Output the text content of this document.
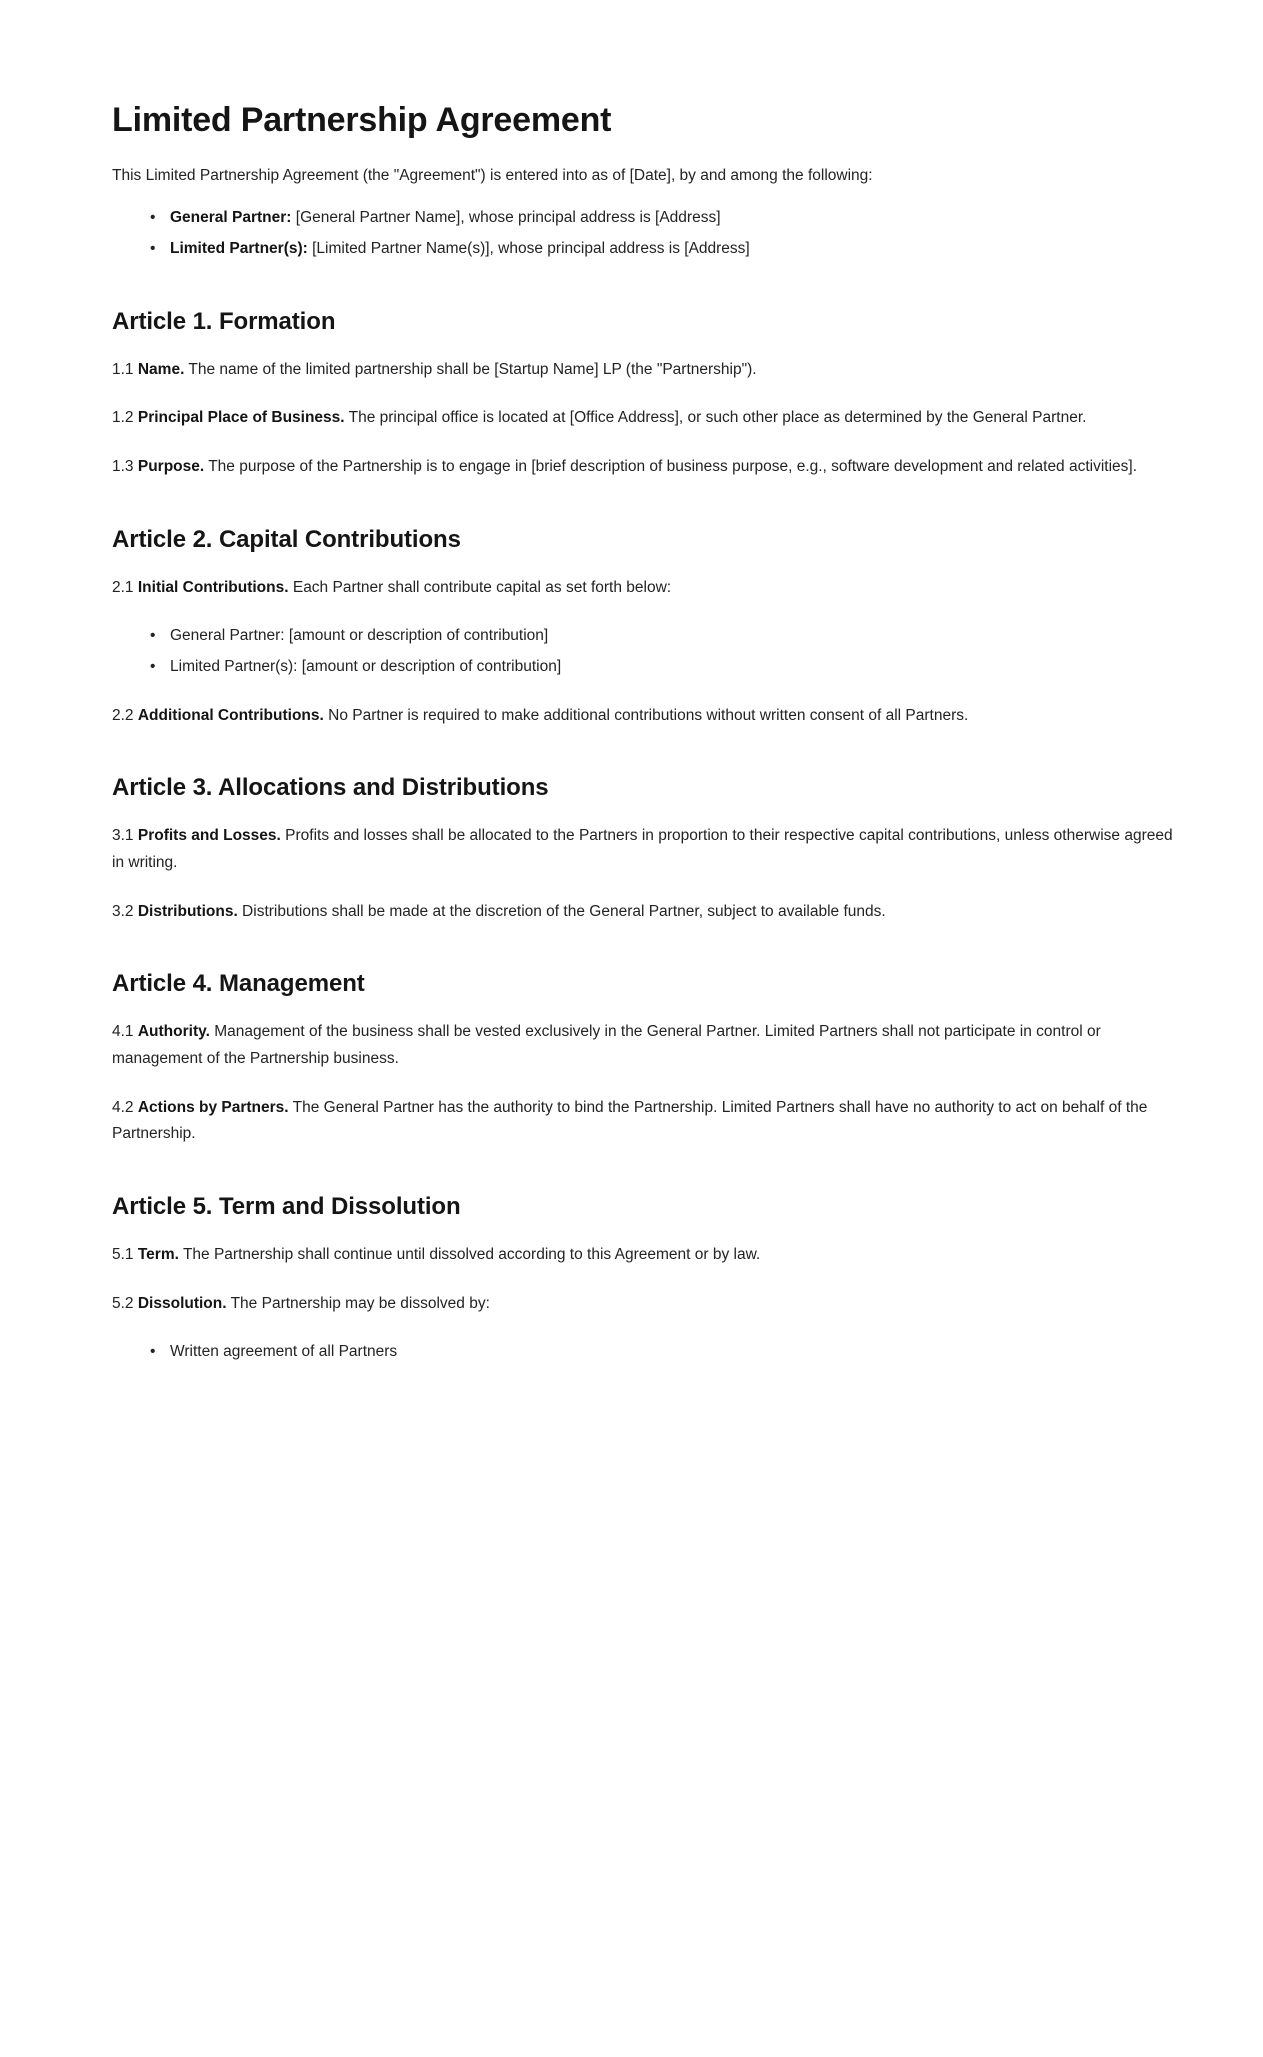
Limited Partnership Agreement

This Limited Partnership Agreement (the "Agreement") is entered into as of [Date], by and among the following:

• General Partner: [General Partner Name], whose principal address is [Address]
• Limited Partner(s): [Limited Partner Name(s)], whose principal address is [Address]
Article 1. Formation

1.1 Name. The name of the limited partnership shall be [Startup Name] LP (the "Partnership").

1.2 Principal Place of Business. The principal office is located at [Office Address], or such other place as determined by the General Partner.

1.3 Purpose. The purpose of the Partnership is to engage in [brief description of business purpose, e.g., software development and related activities].

Article 2. Capital Contributions

2.1 Initial Contributions. Each Partner shall contribute capital as set forth below:

• General Partner: [amount or description of contribution]
• Limited Partner(s): [amount or description of contribution]

2.2 Additional Contributions. No Partner is required to make additional contributions without written consent of all Partners.

Article 3. Allocations and Distributions

3.1 Profits and Losses. Profits and losses shall be allocated to the Partners in proportion to their respective capital contributions, unless otherwise agreed in writing.

3.2 Distributions. Distributions shall be made at the discretion of the General Partner, subject to available funds.

Article 4. Management

4.1 Authority. Management of the business shall be vested exclusively in the General Partner. Limited Partners shall not participate in control or management of the Partnership business.

4.2 Actions by Partners. The General Partner has the authority to bind the Partnership. Limited Partners shall have no authority to act on behalf of the Partnership.

Article 5. Term and Dissolution

5.1 Term. The Partnership shall continue until dissolved according to this Agreement or by law.

5.2 Dissolution. The Partnership may be dissolved by:

• Written agreement of all Partners
